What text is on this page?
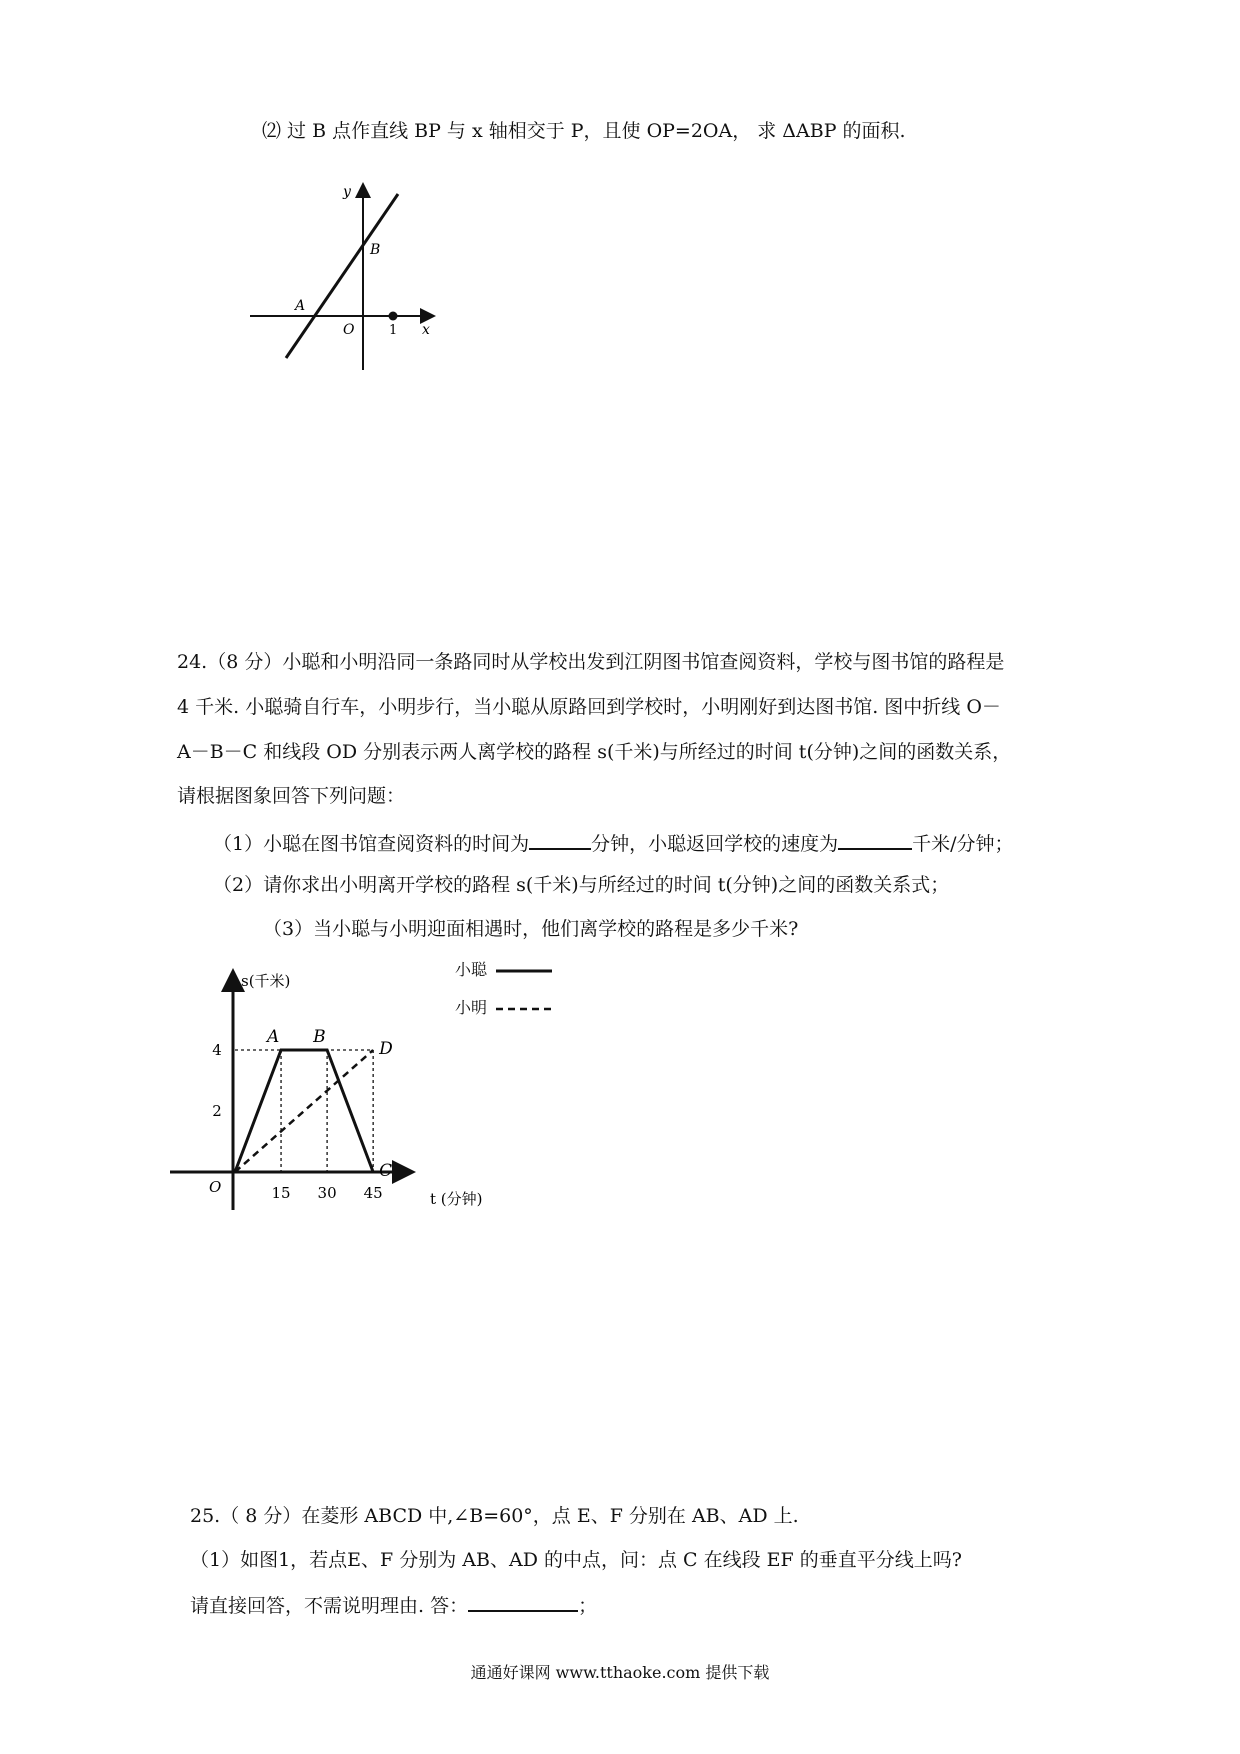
⑵ 过 B 点作直线 BP 与 x 轴相交于 P，且使 OP=2OA， 求 ΔABP 的面积.
y
B
A
O	1 x
24.（8 分）小聪和小明沿同一条路同时从学校出发到江阴图书馆查阅资料，学校与图书馆的路程是
4 千米. 小聪骑自行车，小明步行，当小聪从原路回到学校时，小明刚好到达图书馆. 图中折线 O－
A－B－C 和线段 OD 分别表示两人离学校的路程 s(千米)与所经过的时间 t(分钟)之间的函数关系，
请根据图象回答下列问题：
（1）小聪在图书馆查阅资料的时间为	分钟，小聪返回学校的速度为	千米/分钟；
（2）请你求出小明离开学校的路程 s(千米)与所经过的时间 t(分钟)之间的函数关系式；
（3）当小聪与小明迎面相遇时，他们离学校的路程是多少千米?
15 30 45
2
4
O
s(千米)
t (分钟)
A B
C
D
小聪
小明
25.（ 8 分）在菱形 ABCD 中,∠B=60°，点 E、F 分别在 AB、AD 上.
（1）如图1，若点E、F 分别为 AB、AD 的中点，问：点 C 在线段 EF 的垂直平分线上吗?
请直接回答，不需说明理由. 答：	；
通通好课网 www.tthaoke.com 提供下载
